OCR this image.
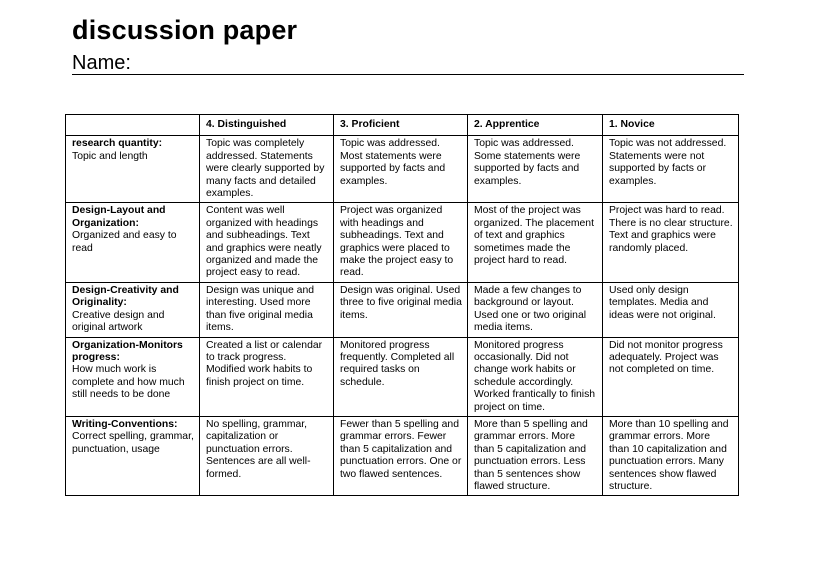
discussion paper
Name:
	4. Distinguished	3. Proficient	2. Apprentice	1. Novice

research quantity:
Topic and length	Topic was completely addressed. Statements were clearly supported by many facts and detailed examples.	Topic was addressed. Most statements were supported by facts and examples.	Topic was addressed. Some statements were supported by facts and examples.	Topic was not addressed. Statements were not supported by facts or examples.

Design-Layout and Organization:
Organized and easy to read	Content was well organized with headings and subheadings. Text and graphics were neatly organized and made the project easy to read.	Project was organized with headings and subheadings. Text and graphics were placed to make the project easy to read.	Most of the project was organized. The placement of text and graphics sometimes made the project hard to read.	Project was hard to read. There is no clear structure. Text and graphics were randomly placed.

Design-Creativity and Originality:
Creative design and original artwork	Design was unique and interesting. Used more than five original media items.	Design was original. Used three to five original media items.	Made a few changes to background or layout. Used one or two original media items.	Used only design templates. Media and ideas were not original.

Organization-Monitors progress:
How much work is complete and how much still needs to be done	Created a list or calendar to track progress. Modified work habits to finish project on time.	Monitored progress frequently. Completed all required tasks on schedule.	Monitored progress occasionally. Did not change work habits or schedule accordingly. Worked frantically to finish project on time.	Did not monitor progress adequately. Project was not completed on time.

Writing-Conventions:
Correct spelling, grammar, punctuation, usage	No spelling, grammar, capitalization or punctuation errors. Sentences are all well-formed.	Fewer than 5 spelling and grammar errors. Fewer than 5 capitalization and punctuation errors. One or two flawed sentences.	More than 5 spelling and grammar errors. More than 5 capitalization and punctuation errors. Less than 5 sentences show flawed structure.	More than 10 spelling and grammar errors. More than 10 capitalization and punctuation errors. Many sentences show flawed structure.
